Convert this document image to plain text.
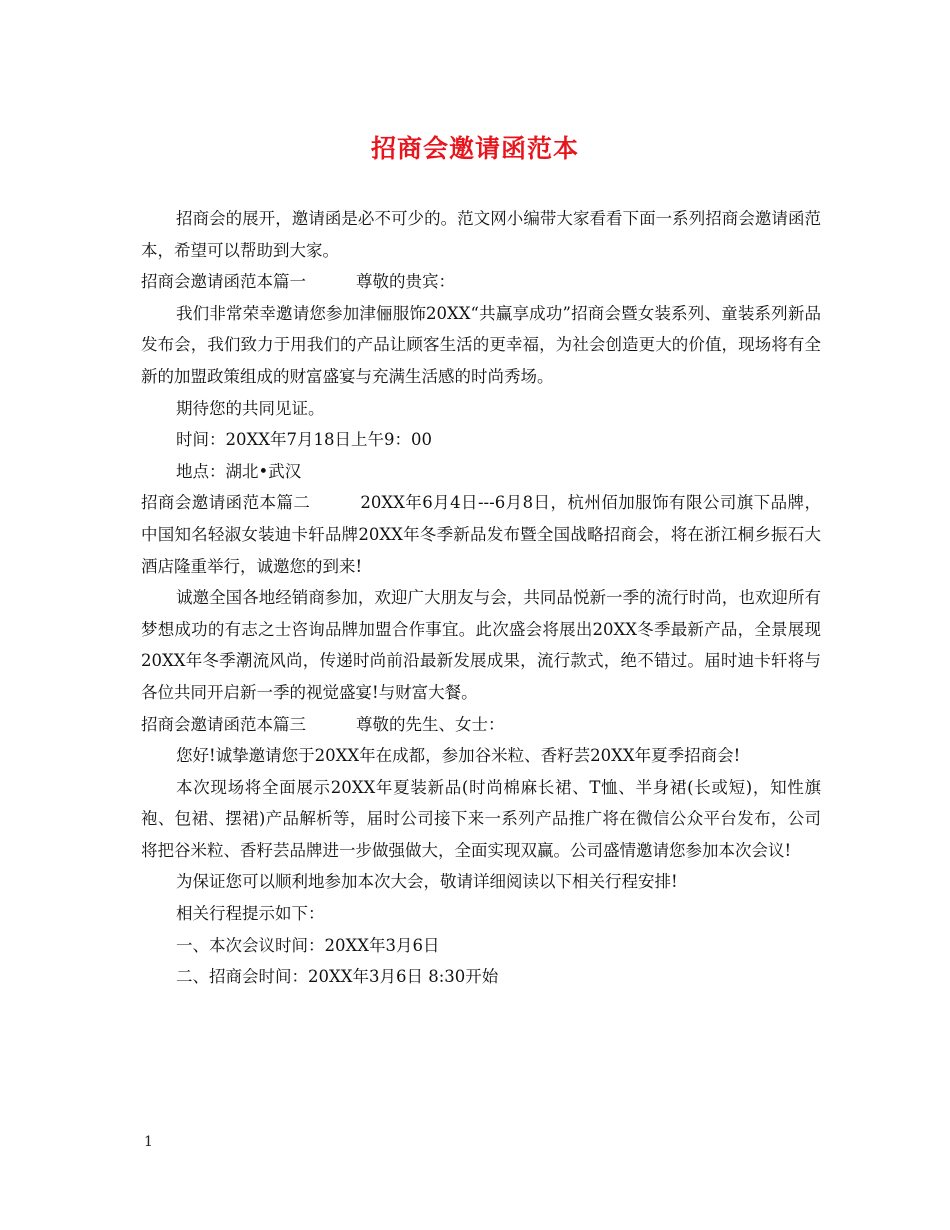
招商会邀请函范本

招商会的展开，邀请函是必不可少的。范文网小编带大家看看下面一系列招商会邀请函范本，希望可以帮助到大家。

招商会邀请函范本篇一	尊敬的贵宾：

我们非常荣幸邀请您参加津俪服饰20XX“共赢享成功”招商会暨女装系列、童装系列新品发布会，我们致力于用我们的产品让顾客生活的更幸福，为社会创造更大的价值，现场将有全新的加盟政策组成的财富盛宴与充满生活感的时尚秀场。

期待您的共同见证。

时间：20XX年7月18日上午9：00

地点：湖北•武汉

招商会邀请函范本篇二	20XX年6月4日---6月8日，杭州佰加服饰有限公司旗下品牌，中国知名轻淑女装迪卡轩品牌20XX年冬季新品发布暨全国战略招商会，将在浙江桐乡振石大酒店隆重举行，诚邀您的到来!

诚邀全国各地经销商参加，欢迎广大朋友与会，共同品悦新一季的流行时尚，也欢迎所有梦想成功的有志之士咨询品牌加盟合作事宜。此次盛会将展出20XX冬季最新产品，全景展现20XX年冬季潮流风尚，传递时尚前沿最新发展成果，流行款式，绝不错过。届时迪卡轩将与各位共同开启新一季的视觉盛宴!与财富大餐。

招商会邀请函范本篇三	尊敬的先生、女士：

您好!诚挚邀请您于20XX年在成都，参加谷米粒、香籽芸20XX年夏季招商会!

本次现场将全面展示20XX年夏装新品(时尚棉麻长裙、T恤、半身裙(长或短)，知性旗袍、包裙、摆裙)产品解析等，届时公司接下来一系列产品推广将在微信公众平台发布，公司将把谷米粒、香籽芸品牌进一步做强做大，全面实现双赢。公司盛情邀请您参加本次会议!

为保证您可以顺利地参加本次大会，敬请详细阅读以下相关行程安排!

相关行程提示如下：

一、本次会议时间：20XX年3月6日

二、招商会时间：20XX年3月6日 8:30开始

1
